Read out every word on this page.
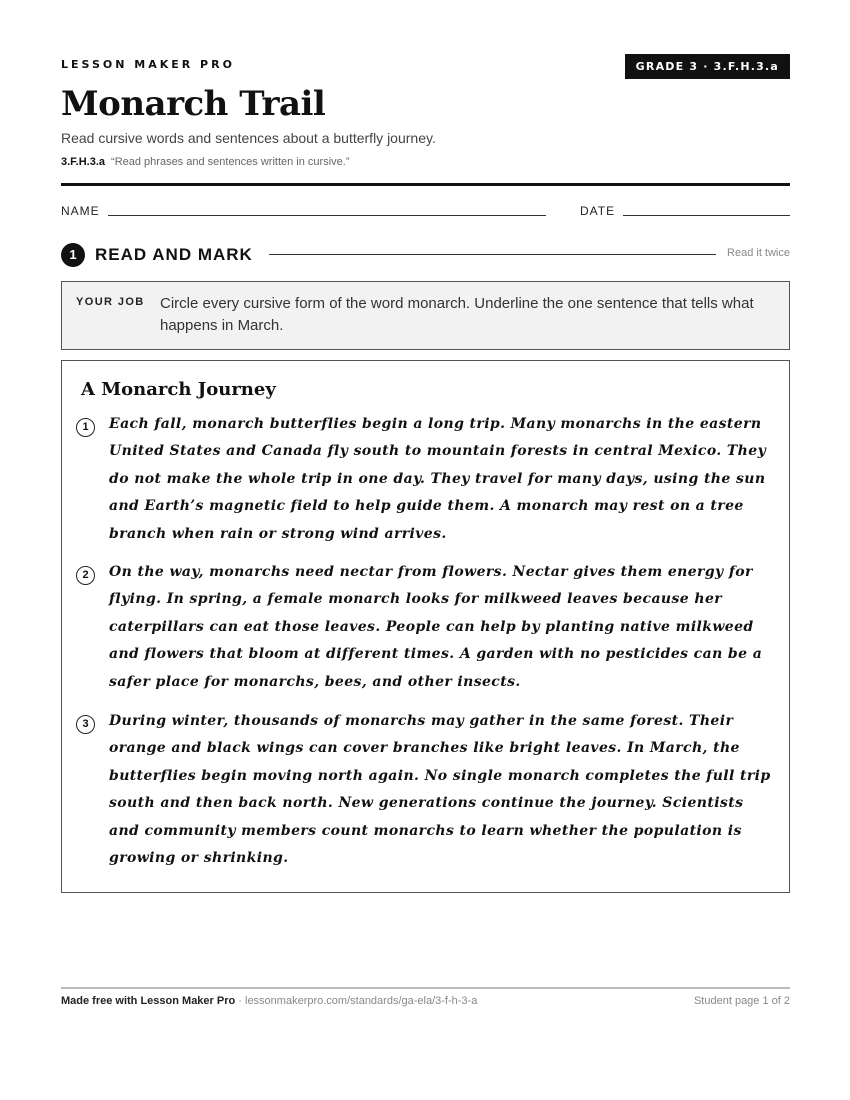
LESSON MAKER PRO	GRADE 3 · 3.F.H.3.a
Monarch Trail
Read cursive words and sentences about a butterfly journey.
3.F.H.3.a “Read phrases and sentences written in cursive.”
NAME	DATE
1	READ AND MARK	Read it twice
YOUR JOB Circle every cursive form of the word monarch. Underline the one sentence that tells what happens in March.
A Monarch Journey
1	Each fall, monarch butterflies begin a long trip. Many monarchs in the eastern United States and Canada fly south to mountain forests in central Mexico. They do not make the whole trip in one day. They travel for many days, using the sun and Earth’s magnetic field to help guide them. A monarch may rest on a tree branch when rain or strong wind arrives.

2	On the way, monarchs need nectar from flowers. Nectar gives them energy for flying. In spring, a female monarch looks for milkweed leaves because her caterpillars can eat those leaves. People can help by planting native milkweed and flowers that bloom at different times. A garden with no pesticides can be a safer place for monarchs, bees, and other insects.

3	During winter, thousands of monarchs may gather in the same forest. Their orange and black wings can cover branches like bright leaves. In March, the butterflies begin moving north again. No single monarch completes the full trip south and then back north. New generations continue the journey. Scientists and community members count monarchs to learn whether the population is growing or shrinking.

Made free with Lesson Maker Pro · lessonmakerpro.com/standards/ga-ela/3-f-h-3-a	Student page 1 of 2
